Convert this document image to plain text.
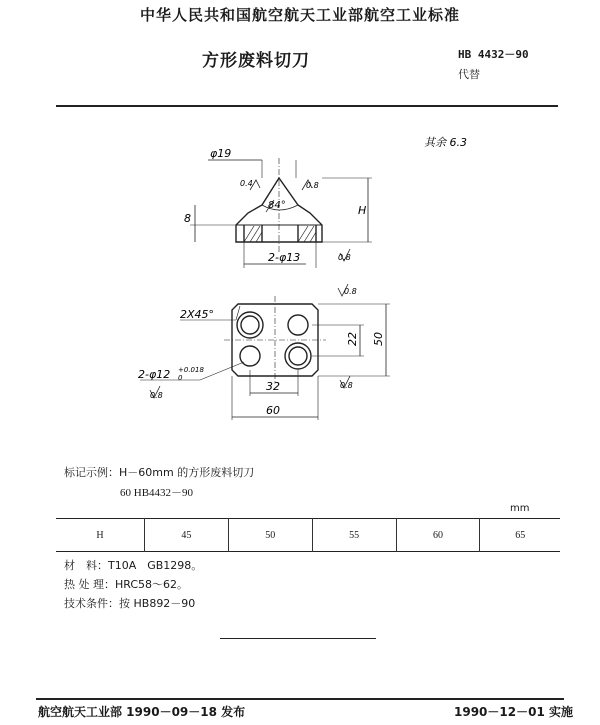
中华人民共和国航空航天工业部航空工业标准
方形废料切刀	HB 4432－90
代替
其余 6.3
φ19
84°	H
8
2-φ13
0.4	0.8
0.8
2X45°
22 50
2-φ12 +0.018
0
32
60
0.8
0.8
0.8
标记示例：H－60mm 的方形废料切刀
60 HB4432－90
mm
H	45	50	55	60	65
材　料：T10A　GB1298。
热 处 理：HRC58～62。
技术条件：按 HB892－90
航空航天工业部 1990－09－18 发布	1990－12－01 实施
